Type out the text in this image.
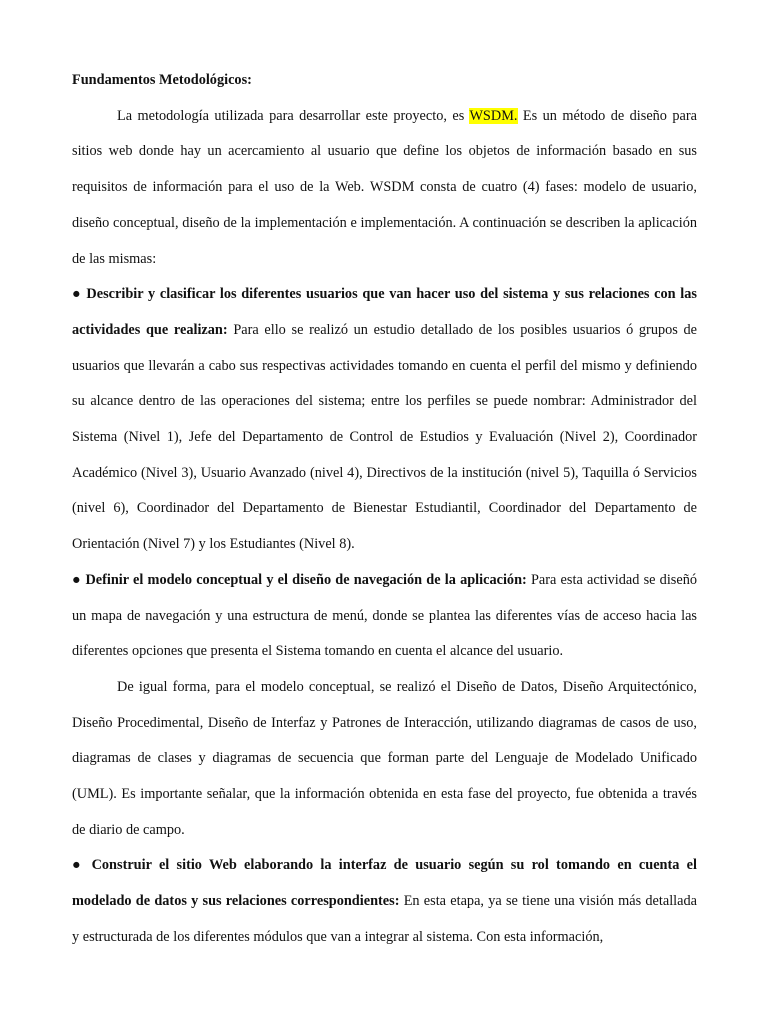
Fundamentos Metodológicos:

La metodología utilizada para desarrollar este proyecto, es WSDM. Es un método de diseño para sitios web donde hay un acercamiento al usuario que define los objetos de información basado en sus requisitos de información para el uso de la Web. WSDM consta de cuatro (4) fases: modelo de usuario, diseño conceptual, diseño de la implementación e implementación. A continuación se describen la aplicación de las mismas:

● Describir y clasificar los diferentes usuarios que van hacer uso del sistema y sus relaciones con las actividades que realizan: Para ello se realizó un estudio detallado de los posibles usuarios ó grupos de usuarios que llevarán a cabo sus respectivas actividades tomando en cuenta el perfil del mismo y definiendo su alcance dentro de las operaciones del sistema; entre los perfiles se puede nombrar: Administrador del Sistema (Nivel 1), Jefe del Departamento de Control de Estudios y Evaluación (Nivel 2), Coordinador Académico (Nivel 3), Usuario Avanzado (nivel 4), Directivos de la institución (nivel 5), Taquilla ó Servicios (nivel 6), Coordinador del Departamento de Bienestar Estudiantil, Coordinador del Departamento de Orientación (Nivel 7) y los Estudiantes (Nivel 8).

● Definir el modelo conceptual y el diseño de navegación de la aplicación: Para esta actividad se diseñó un mapa de navegación y una estructura de menú, donde se plantea las diferentes vías de acceso hacia las diferentes opciones que presenta el Sistema tomando en cuenta el alcance del usuario.

De igual forma, para el modelo conceptual, se realizó el Diseño de Datos, Diseño Arquitectónico, Diseño Procedimental, Diseño de Interfaz y Patrones de Interacción, utilizando diagramas de casos de uso, diagramas de clases y diagramas de secuencia que forman parte del Lenguaje de Modelado Unificado (UML). Es importante señalar, que la información obtenida en esta fase del proyecto, fue obtenida a través de diario de campo.

● Construir el sitio Web elaborando la interfaz de usuario según su rol tomando en cuenta el modelado de datos y sus relaciones correspondientes: En esta etapa, ya se tiene una visión más detallada y estructurada de los diferentes módulos que van a integrar al sistema. Con esta información,
